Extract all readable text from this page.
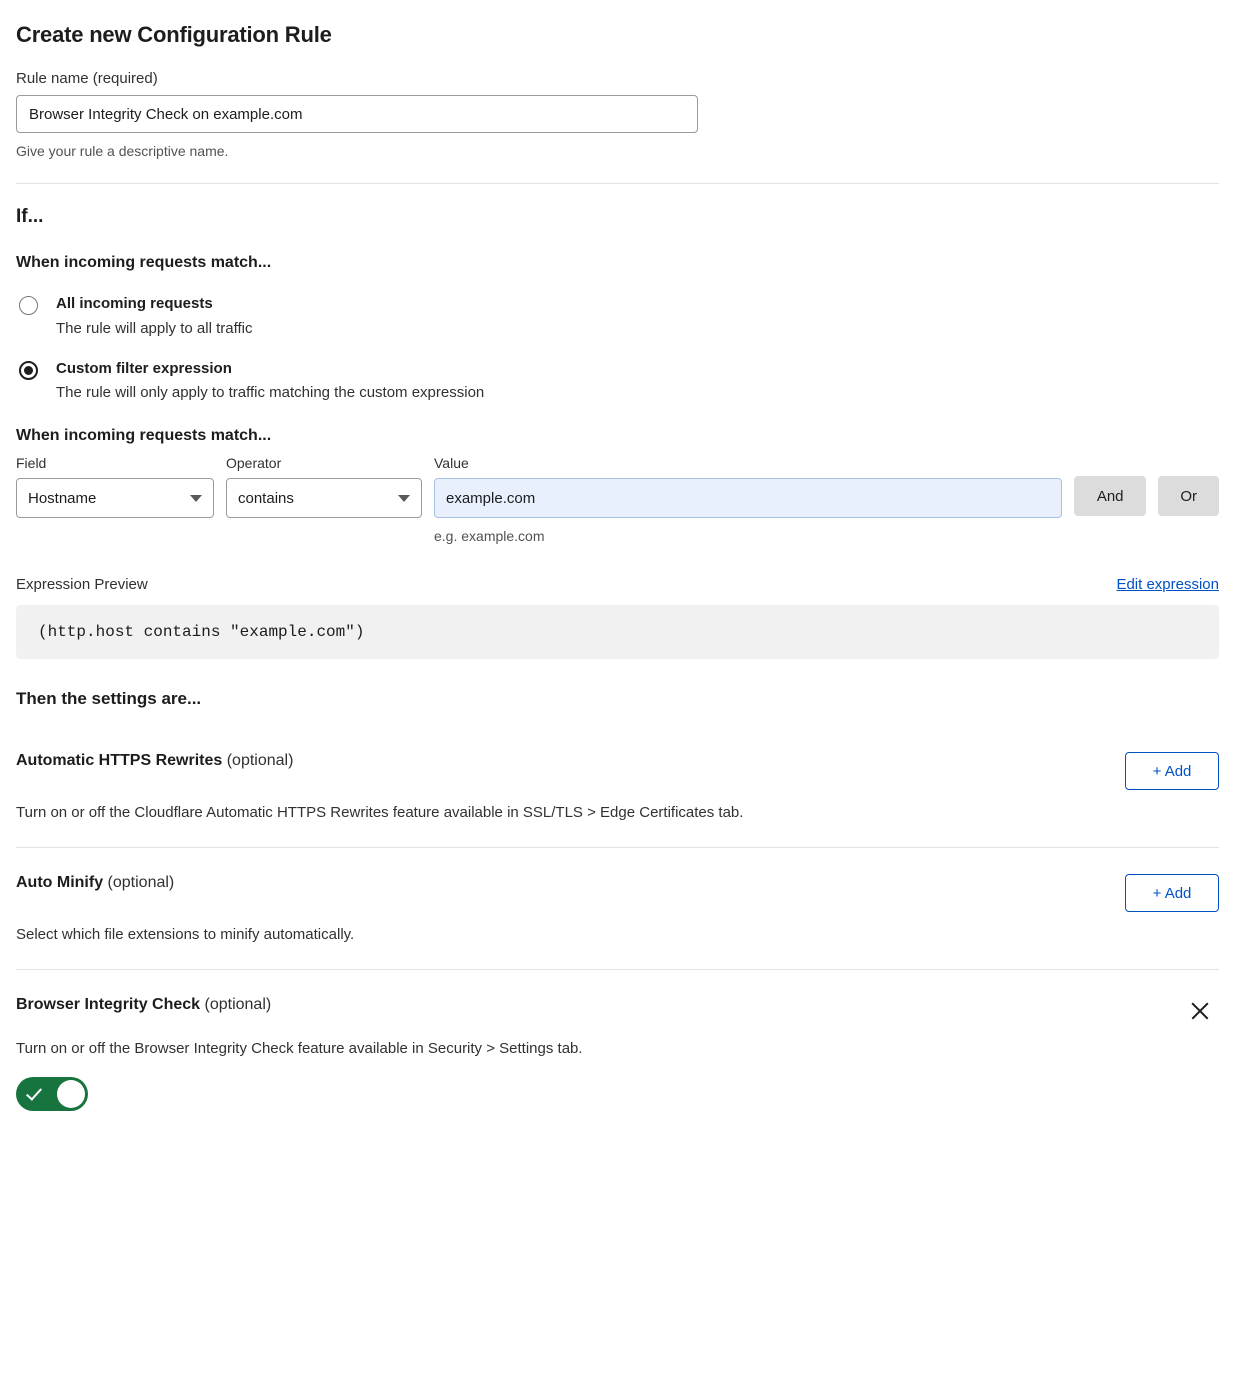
Create new Configuration Rule
Rule name (required)
Browser Integrity Check on example.com
Give your rule a descriptive name.
If...
When incoming requests match...
All incoming requests
The rule will apply to all traffic
Custom filter expression
The rule will only apply to traffic matching the custom expression
When incoming requests match...
Field
Hostname
Operator
contains
Value
example.com
e.g. example.com
And	Or
Expression Preview	Edit expression
(http.host contains "example.com")
Then the settings are...
Automatic HTTPS Rewrites (optional)
+ Add
Turn on or off the Cloudflare Automatic HTTPS Rewrites feature available in SSL/TLS > Edge Certificates tab.
Auto Minify (optional)
+ Add
Select which file extensions to minify automatically.
Browser Integrity Check (optional)
Turn on or off the Browser Integrity Check feature available in Security > Settings tab.
